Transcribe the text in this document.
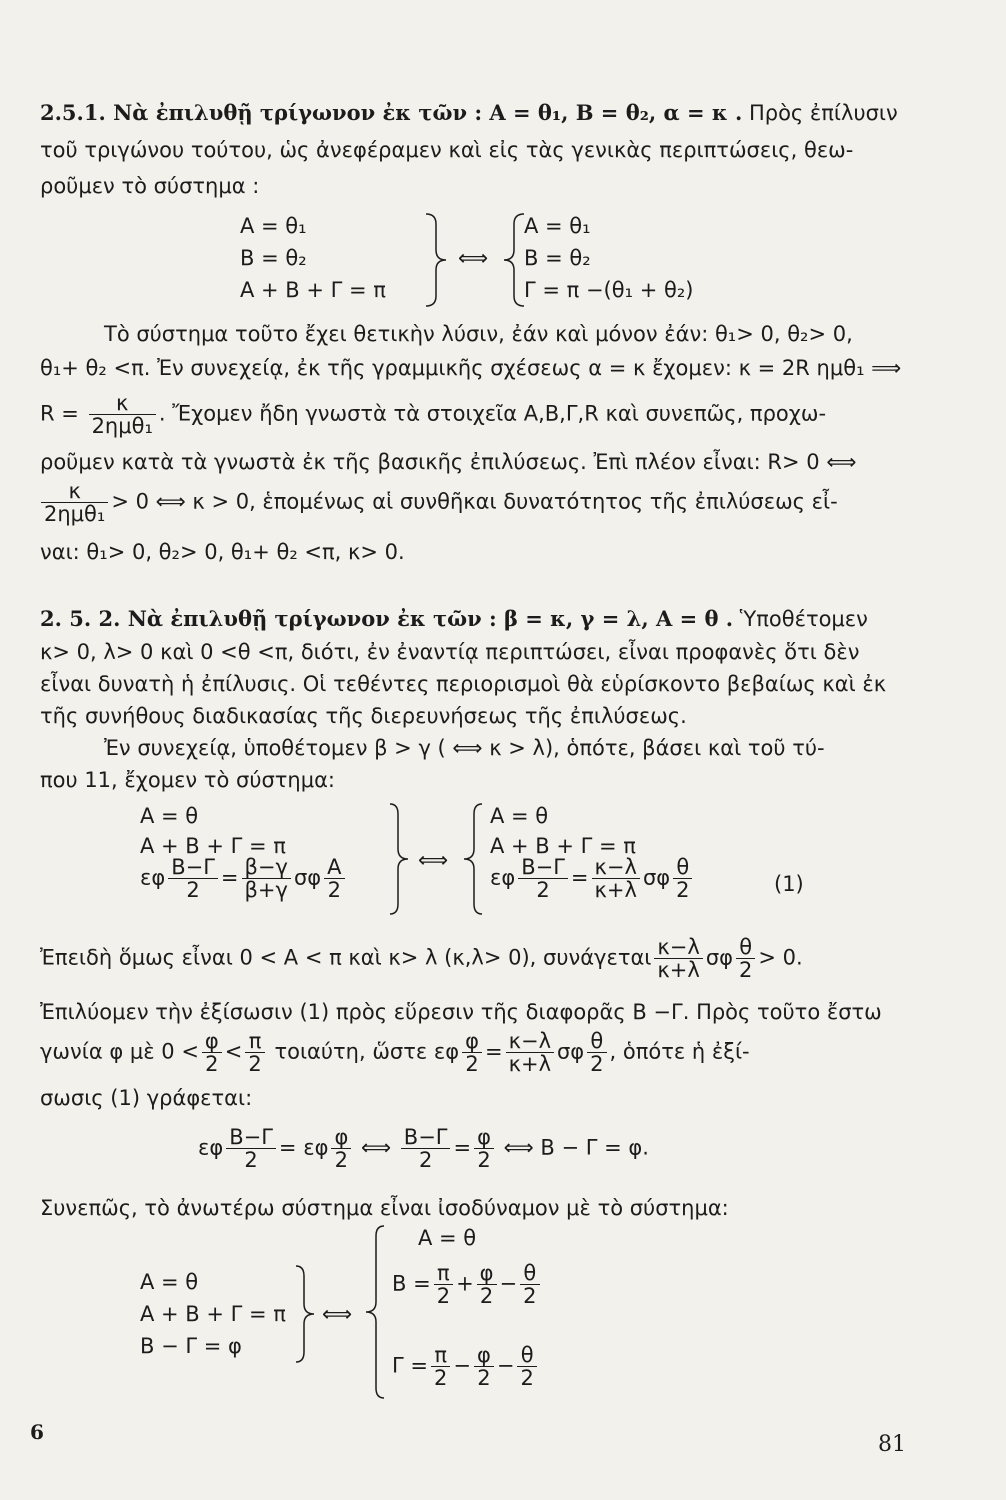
2.5.1. Νὰ ἐπιλυθῇ τρίγωνον ἐκ τῶν : Α = θ₁, Β = θ₂, α = κ . Πρὸς ἐπίλυσιν
τοῦ τριγώνου τούτου, ὡς ἀνεφέραμεν καὶ εἰς τὰς γενικὰς περιπτώσεις, θεω-
ροῦμεν τὸ σύστημα :
Α = θ₁
Β = θ₂
Α + Β + Γ = π
⟺
Α = θ₁
Β = θ₂
Γ = π −(θ₁ + θ₂)
Τὸ σύστημα τοῦτο ἔχει θετικὴν λύσιν, ἐάν καὶ μόνον ἐάν: θ₁> 0, θ₂> 0,
θ₁+ θ₂ <π. Ἐν συνεχείᾳ, ἐκ τῆς γραμμικῆς σχέσεως α = κ ἔχομεν: κ = 2R ημθ₁ ⟹
$R = \frac{\kappa}{\text{2ημθ₁}}$ . Ἔχομεν ἤδη γνωστὰ τὰ στοιχεῖα Α,Β,Γ,R καὶ συνεπῶς, προχω-
ροῦμεν κατὰ τὰ γνωστὰ ἐκ τῆς βασικῆς ἐπιλύσεως. Ἐπὶ πλέον εἶναι: R> 0 ⟺
$\frac{\kappa}{\text{2ημθ₁}} > 0$ ⟺ κ > 0, ἑπομένως αἱ συνθῆκαι δυνατότητος τῆς ἐπιλύσεως εἶ-
ναι: θ₁> 0, θ₂> 0, θ₁+ θ₂ <π, κ> 0.
2. 5. 2. Νὰ ἐπιλυθῇ τρίγωνον ἐκ τῶν : β = κ, γ = λ, Α = θ . Ὑποθέτομεν
κ> 0, λ> 0 καὶ 0 <θ <π, διότι, ἐν ἐναντίᾳ περιπτώσει, εἶναι προφανὲς ὅτι δὲν
εἶναι δυνατὴ ἡ ἐπίλυσις. Οἱ τεθέντες περιορισμοὶ θὰ εὑρίσκοντο βεβαίως καὶ ἐκ
τῆς συνήθους διαδικασίας τῆς διερευνήσεως τῆς ἐπιλύσεως.
Ἐν συνεχείᾳ, ὑποθέτομεν β > γ ( ⟺ κ > λ), ὁπότε, βάσει καὶ τοῦ τύ-
που 11, ἔχομεν τὸ σύστημα:
Α = θ
Α + Β + Γ = π
εφ $\frac{B-\Gamma}{2} = \frac{\beta-\gamma}{\beta+\gamma}$ σφ $\frac{A}{2}$	⟺
Α = θ
Α + Β + Γ = π
εφ $\frac{B-\Gamma}{2} = \frac{\kappa-\lambda}{\kappa+\lambda}$ σφ $\frac{\theta}{2}$	(1)
Ἐπειδὴ ὅμως εἶναι 0 < Α < π καὶ κ> λ (κ,λ> 0), συνάγεται $\frac{\kappa-\lambda}{\kappa+\lambda}$ σφ $\frac{\theta}{2} > 0$.
Ἐπιλύομεν τὴν ἐξίσωσιν (1) πρὸς εὕρεσιν τῆς διαφορᾶς Β −Γ. Πρὸς τοῦτο ἔστω
γωνία φ μὲ $0 < \frac{\varphi}{2} < \frac{\pi}{2} \tau o\iota\alpha ύ\tau\eta$, ὥστε εφ $\frac{\varphi}{2} = \frac{\kappa-\lambda}{\kappa+\lambda}$ σφ $\frac{\theta}{2}$ , ὁπότε ἡ ἐξί-
σωσις (1) γράφεται:
εφ $\frac{B-\Gamma}{2} = \varepsilon\varphi \frac{\varphi}{2}$ ⟺ $\frac{B-\Gamma}{2} = \frac{\varphi}{2}$ ⟺ Β − Γ = φ.
Συνεπῶς, τὸ ἀνωτέρω σύστημα εἶναι ἰσοδύναμον μὲ τὸ σύστημα:
Α = θ
Α + Β + Γ = π
Β − Γ = φ
⟺
Α = θ
$B = \frac{\pi}{2} + \frac{\varphi}{2} - \frac{\theta}{2}$
$\Gamma = \frac{\pi}{2} - \frac{\varphi}{2} - \frac{\theta}{2}$
6	81
